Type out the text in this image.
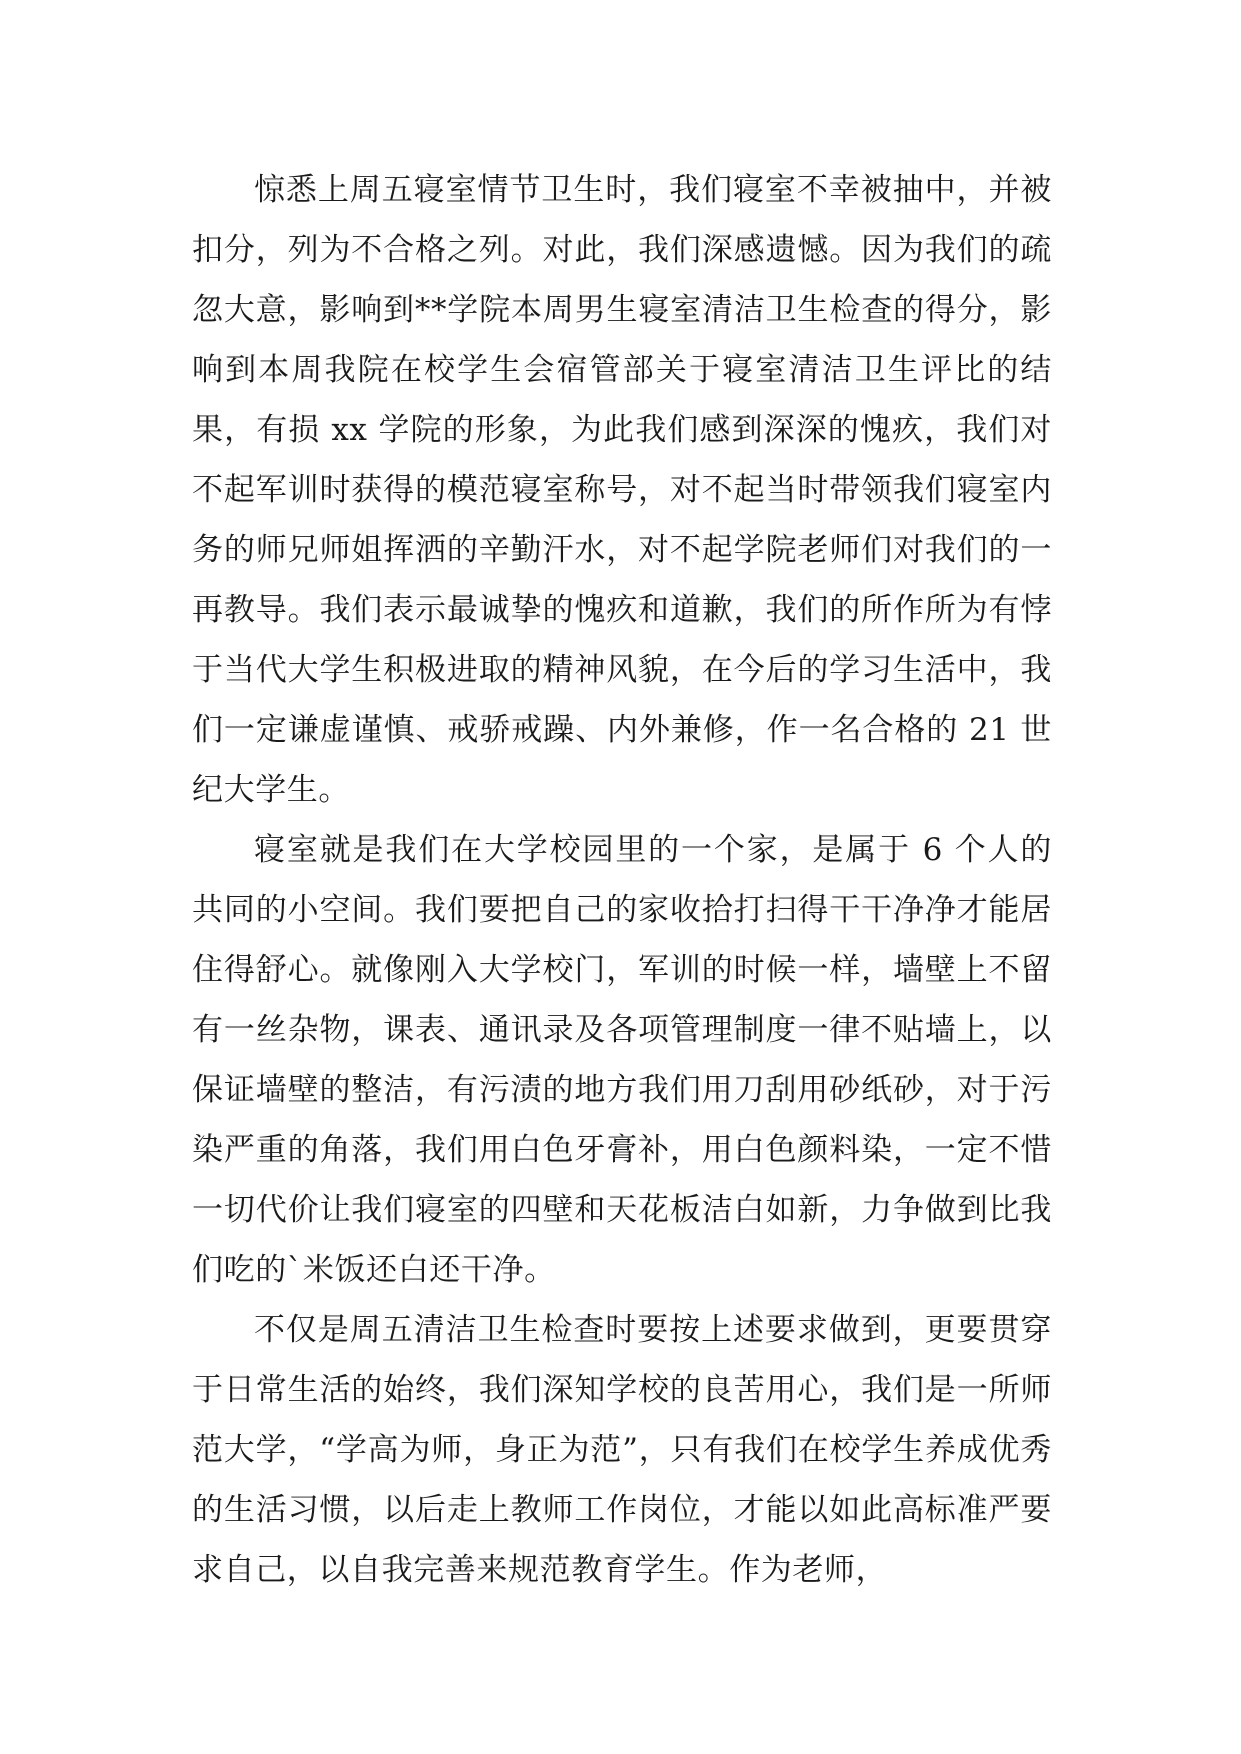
惊悉上周五寝室情节卫生时，我们寝室不幸被抽中，并被扣分，列为不合格之列。对此，我们深感遗憾。因为我们的疏忽大意，影响到**学院本周男生寝室清洁卫生检查的得分，影响到本周我院在校学生会宿管部关于寝室清洁卫生评比的结果，有损 xx 学院的形象，为此我们感到深深的愧疚，我们对不起军训时获得的模范寝室称号，对不起当时带领我们寝室内务的师兄师姐挥洒的辛勤汗水，对不起学院老师们对我们的一再教导。我们表示最诚挚的愧疚和道歉，我们的所作所为有悖于当代大学生积极进取的精神风貌，在今后的学习生活中，我们一定谦虚谨慎、戒骄戒躁、内外兼修，作一名合格的 21 世纪大学生。

寝室就是我们在大学校园里的一个家，是属于 6 个人的共同的小空间。我们要把自己的家收拾打扫得干干净净才能居住得舒心。就像刚入大学校门，军训的时候一样，墙壁上不留有一丝杂物，课表、通讯录及各项管理制度一律不贴墙上，以保证墙壁的整洁，有污渍的地方我们用刀刮用砂纸砂，对于污染严重的角落，我们用白色牙膏补，用白色颜料染，一定不惜一切代价让我们寝室的四壁和天花板洁白如新，力争做到比我们吃的`米饭还白还干净。

不仅是周五清洁卫生检查时要按上述要求做到，更要贯穿于日常生活的始终，我们深知学校的良苦用心，我们是一所师范大学，“学高为师，身正为范”，只有我们在校学生养成优秀的生活习惯，以后走上教师工作岗位，才能以如此高标准严要求自己，以自我完善来规范教育学生。作为老师，
